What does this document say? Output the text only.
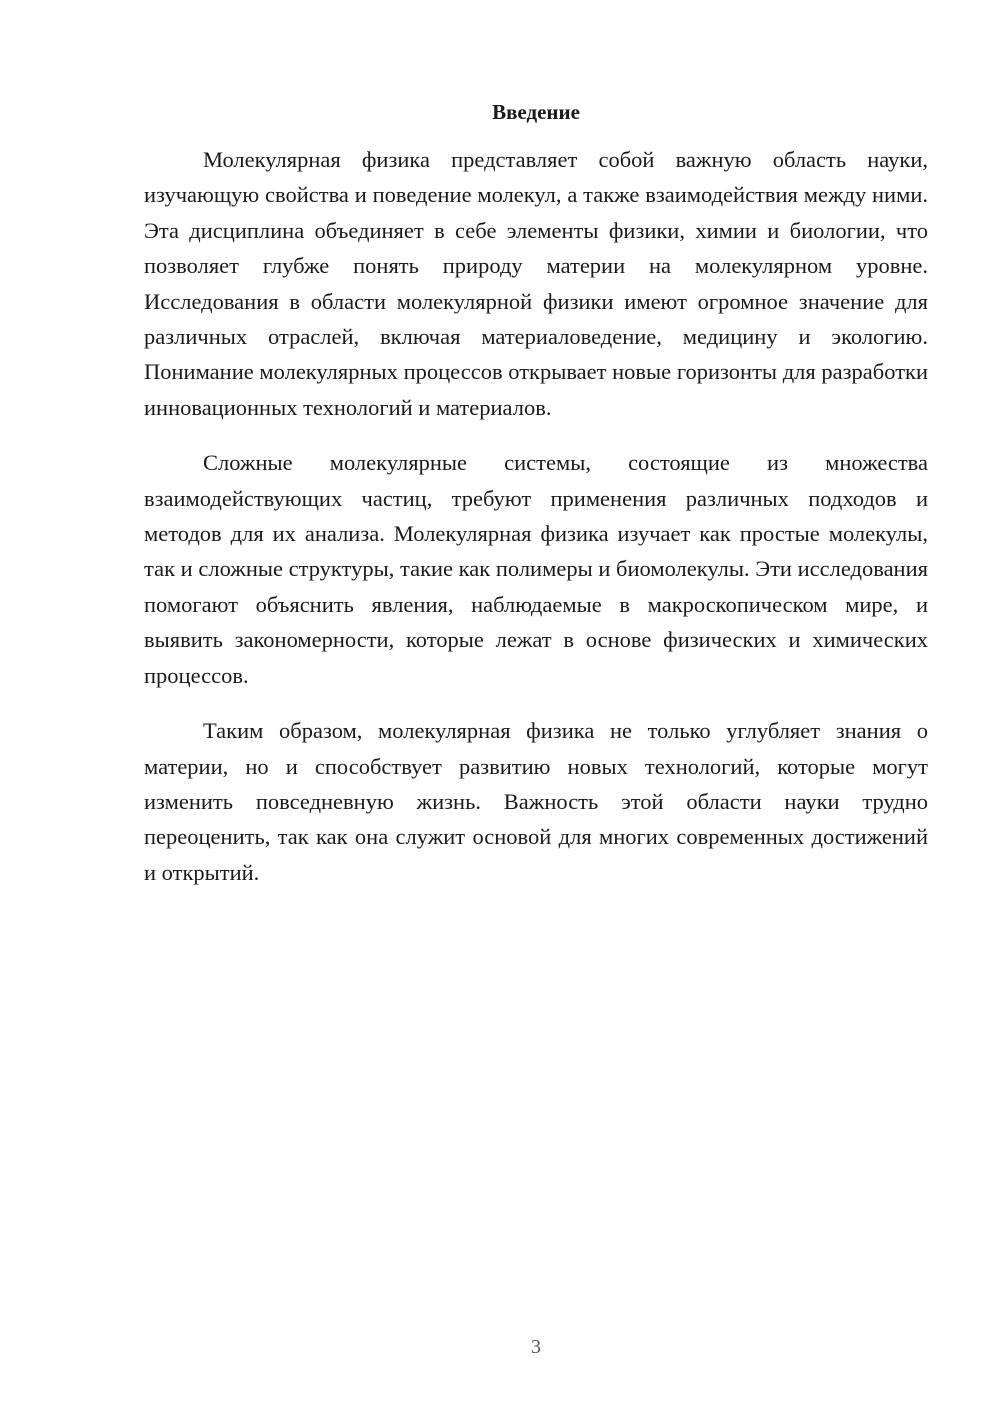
Введение

Молекулярная физика представляет собой важную область науки, изучающую свойства и поведение молекул, а также взаимодействия между ними. Эта дисциплина объединяет в себе элементы физики, химии и биологии, что позволяет глубже понять природу материи на молекулярном уровне. Исследования в области молекулярной физики имеют огромное значение для различных отраслей, включая материаловедение, медицину и экологию. Понимание молекулярных процессов открывает новые горизонты для разработки инновационных технологий и материалов.

Сложные молекулярные системы, состоящие из множества взаимодействующих частиц, требуют применения различных подходов и методов для их анализа. Молекулярная физика изучает как простые молекулы, так и сложные структуры, такие как полимеры и биомолекулы. Эти исследования помогают объяснить явления, наблюдаемые в макроскопическом мире, и выявить закономерности, которые лежат в основе физических и химических процессов.

Таким образом, молекулярная физика не только углубляет знания о материи, но и способствует развитию новых технологий, которые могут изменить повседневную жизнь. Важность этой области науки трудно переоценить, так как она служит основой для многих современных достижений и открытий.

3
